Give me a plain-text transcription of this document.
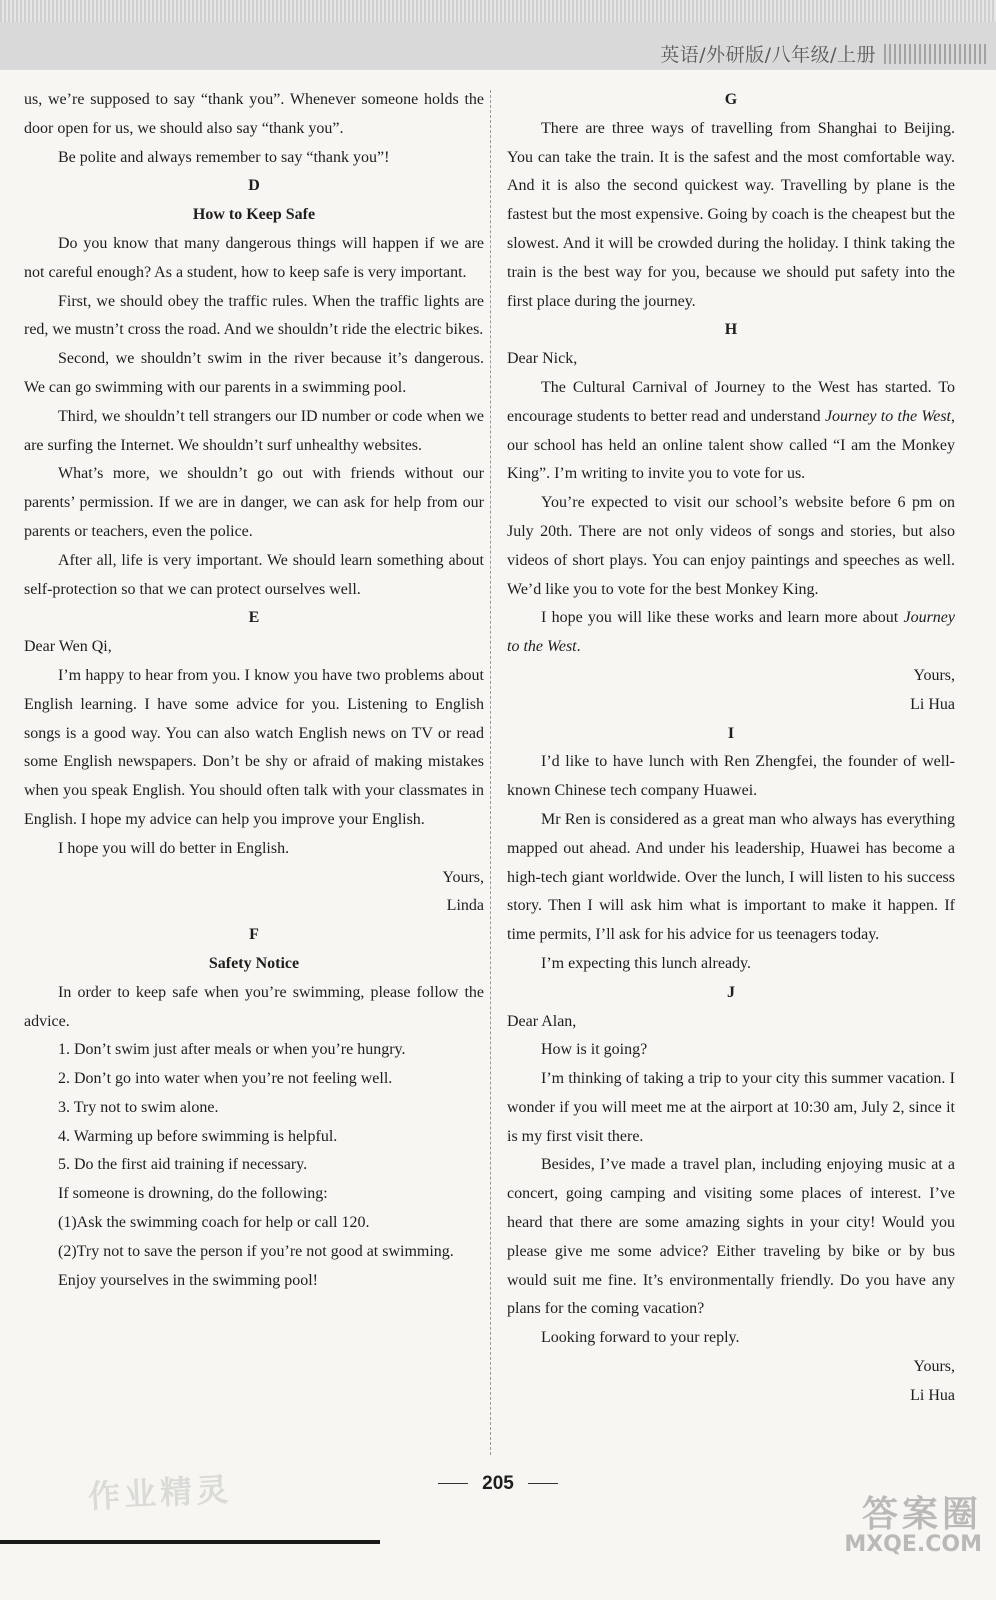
英语/外研版/八年级/上册

us, we’re supposed to say “thank you”. Whenever someone holds the door open for us, we should also say “thank you”.

Be polite and always remember to say “thank you”!

D

How to Keep Safe

Do you know that many dangerous things will happen if we are not careful enough? As a student, how to keep safe is very important.

First, we should obey the traffic rules. When the traffic lights are red, we mustn’t cross the road. And we shouldn’t ride the electric bikes.

Second, we shouldn’t swim in the river because it’s dangerous. We can go swimming with our parents in a swimming pool.

Third, we shouldn’t tell strangers our ID number or code when we are surfing the Internet. We shouldn’t surf unhealthy websites.

What’s more, we shouldn’t go out with friends without our parents’ permission. If we are in danger, we can ask for help from our parents or teachers, even the police.

After all, life is very important. We should learn something about self-protection so that we can protect ourselves well.

E

Dear Wen Qi,

I’m happy to hear from you. I know you have two problems about English learning. I have some advice for you. Listening to English songs is a good way. You can also watch English news on TV or read some English newspapers. Don’t be shy or afraid of making mistakes when you speak English. You should often talk with your classmates in English. I hope my advice can help you improve your English.

I hope you will do better in English.

Yours,

Linda

F

Safety Notice

In order to keep safe when you’re swimming, please follow the advice.

1. Don’t swim just after meals or when you’re hungry.

2. Don’t go into water when you’re not feeling well.

3. Try not to swim alone.

4. Warming up before swimming is helpful.

5. Do the first aid training if necessary.

If someone is drowning, do the following:

(1)Ask the swimming coach for help or call 120.

(2)Try not to save the person if you’re not good at swimming.

Enjoy yourselves in the swimming pool!

G

There are three ways of travelling from Shanghai to Beijing. You can take the train. It is the safest and the most comfortable way. And it is also the second quickest way. Travelling by plane is the fastest but the most expensive. Going by coach is the cheapest but the slowest. And it will be crowded during the holiday. I think taking the train is the best way for you, because we should put safety into the first place during the journey.

H

Dear Nick,

The Cultural Carnival of Journey to the West has started. To encourage students to better read and understand Journey to the West, our school has held an online talent show called “I am the Monkey King”. I’m writing to invite you to vote for us.

You’re expected to visit our school’s website before 6 pm on July 20th. There are not only videos of songs and stories, but also videos of short plays. You can enjoy paintings and speeches as well. We’d like you to vote for the best Monkey King.

I hope you will like these works and learn more about Journey to the West.

Yours,

Li Hua

I

I’d like to have lunch with Ren Zhengfei, the founder of well-known Chinese tech company Huawei.

Mr Ren is considered as a great man who always has everything mapped out ahead. And under his leadership, Huawei has become a high-tech giant worldwide. Over the lunch, I will listen to his success story. Then I will ask him what is important to make it happen. If time permits, I’ll ask for his advice for us teenagers today.

I’m expecting this lunch already.

J

Dear Alan,

How is it going?

I’m thinking of taking a trip to your city this summer vacation. I wonder if you will meet me at the airport at 10:30 am, July 2, since it is my first visit there.

Besides, I’ve made a travel plan, including enjoying music at a concert, going camping and visiting some places of interest. I’ve heard that there are some amazing sights in your city! Would you please give me some advice? Either traveling by bike or by bus would suit me fine. It’s environmentally friendly. Do you have any plans for the coming vacation?

Looking forward to your reply.

Yours,

Li Hua

作业精灵	205
答案圈
MXQE.COM
